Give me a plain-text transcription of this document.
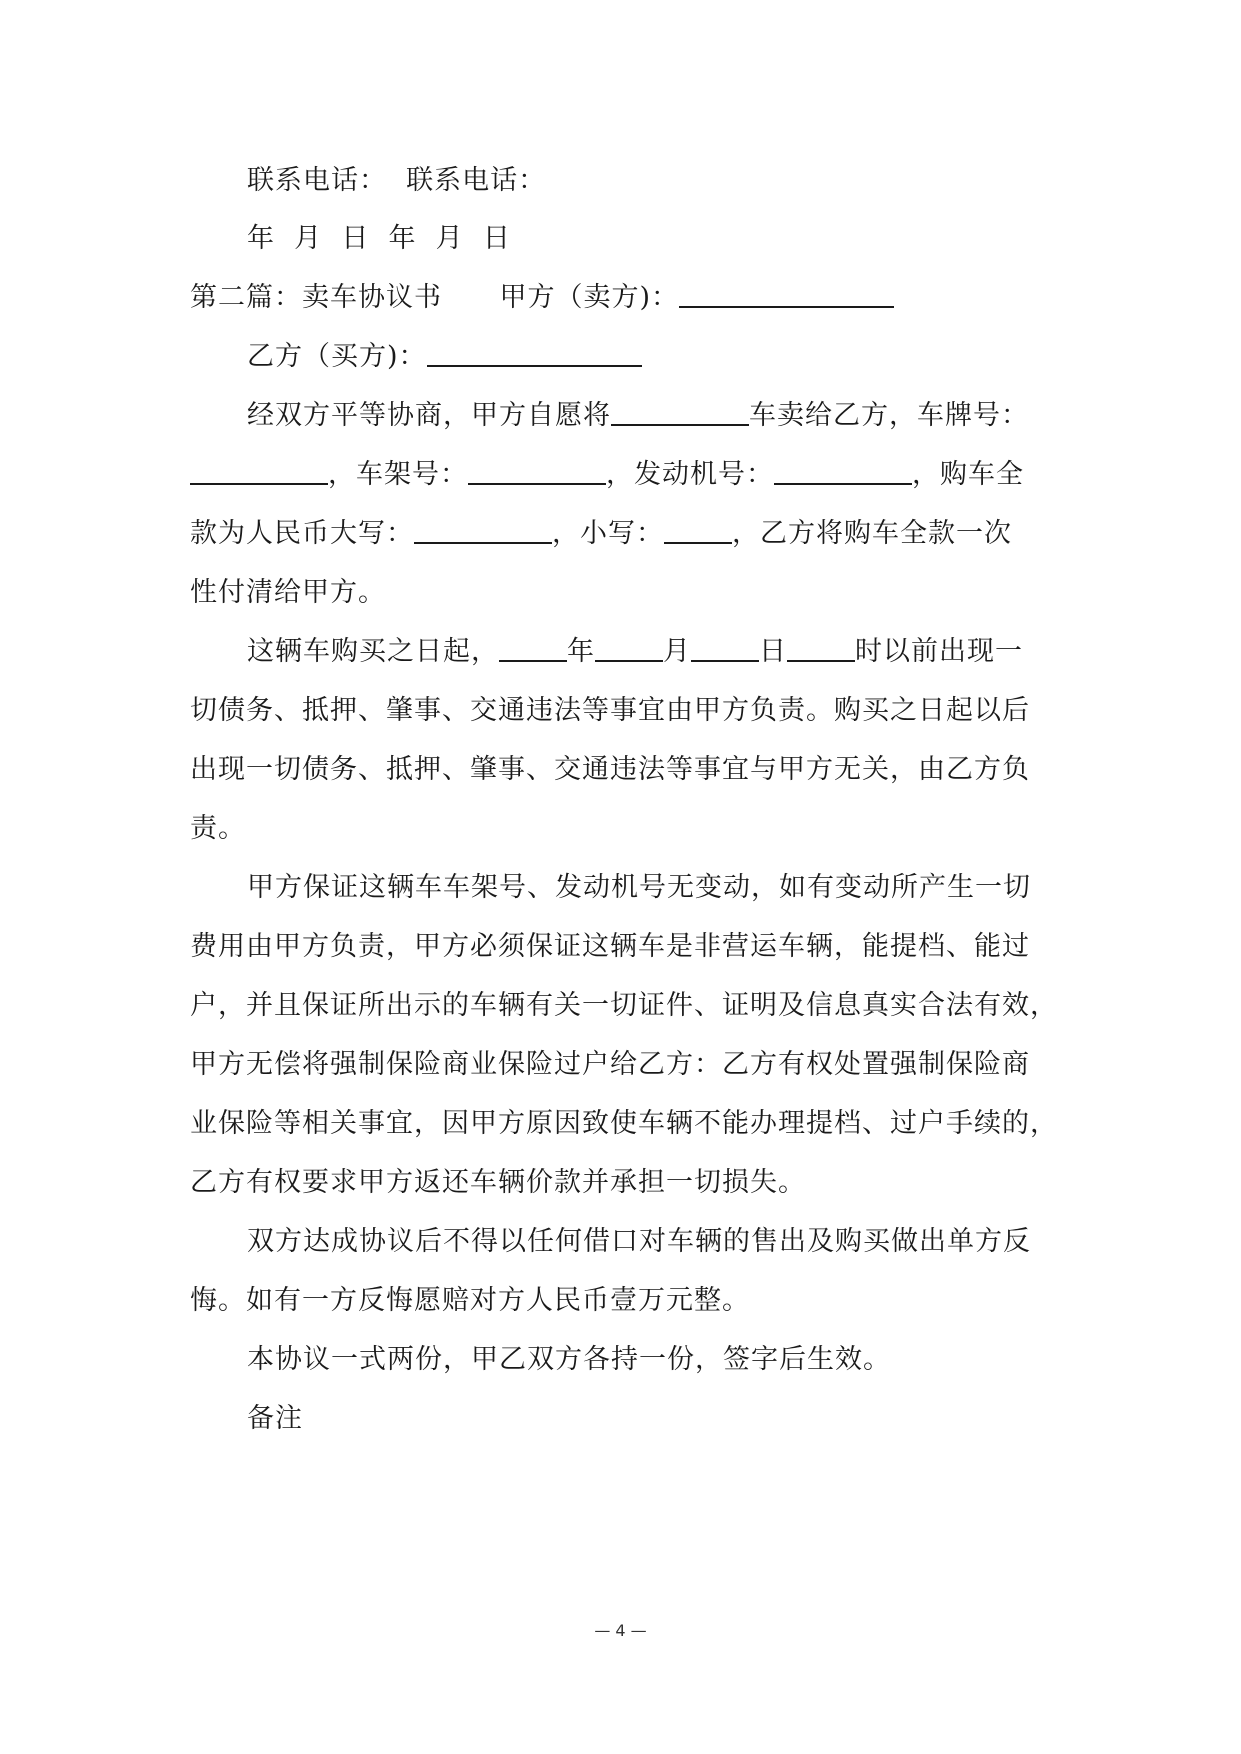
联系电话： 联系电话：
年  月  日  年  月  日
第二篇：卖车协议书 甲方（卖方)：
乙方（买方)：
经双方平等协商，甲方自愿将	车卖给乙方，车牌号：
，车架号：	，发动机号：	，购车全
款为人民币大写：	，小写：	，乙方将购车全款一次
性付清给甲方。
这辆车购买之日起，	年	月	日	时以前出现一
切债务、抵押、肇事、交通违法等事宜由甲方负责。购买之日起以后
出现一切债务、抵押、肇事、交通违法等事宜与甲方无关，由乙方负
责。
甲方保证这辆车车架号、发动机号无变动，如有变动所产生一切
费用由甲方负责，甲方必须保证这辆车是非营运车辆，能提档、能过
户，并且保证所出示的车辆有关一切证件、证明及信息真实合法有效，
甲方无偿将强制保险商业保险过户给乙方：乙方有权处置强制保险商
业保险等相关事宜，因甲方原因致使车辆不能办理提档、过户手续的，
乙方有权要求甲方返还车辆价款并承担一切损失。
双方达成协议后不得以任何借口对车辆的售出及购买做出单方反
悔。如有一方反悔愿赔对方人民币壹万元整。
本协议一式两份，甲乙双方各持一份，签字后生效。
备注
— 4 —
